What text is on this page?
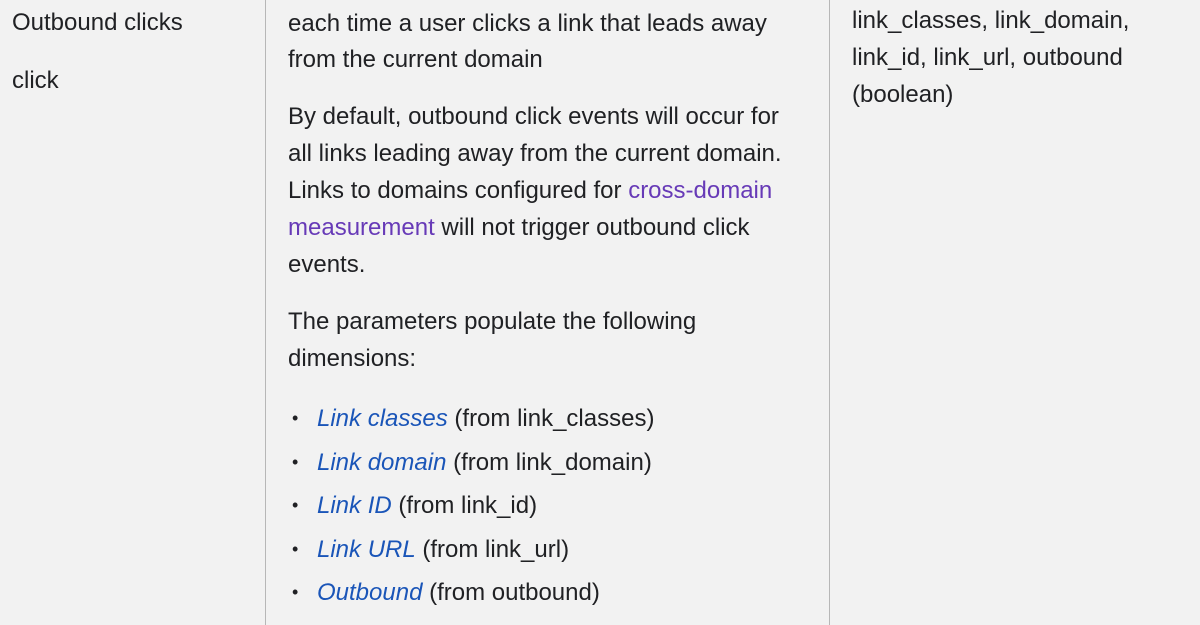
Outbound clicks
click

each time a user clicks a link that leads away from the current domain

By default, outbound click events will occur for all links leading away from the current domain. Links to domains configured for cross-domain measurement will not trigger outbound click events.

The parameters populate the following dimensions:

• Link classes (from link_classes)
• Link domain (from link_domain)
• Link ID (from link_id)
• Link URL (from link_url)
• Outbound (from outbound)

link_classes, link_domain, link_id, link_url, outbound (boolean)
